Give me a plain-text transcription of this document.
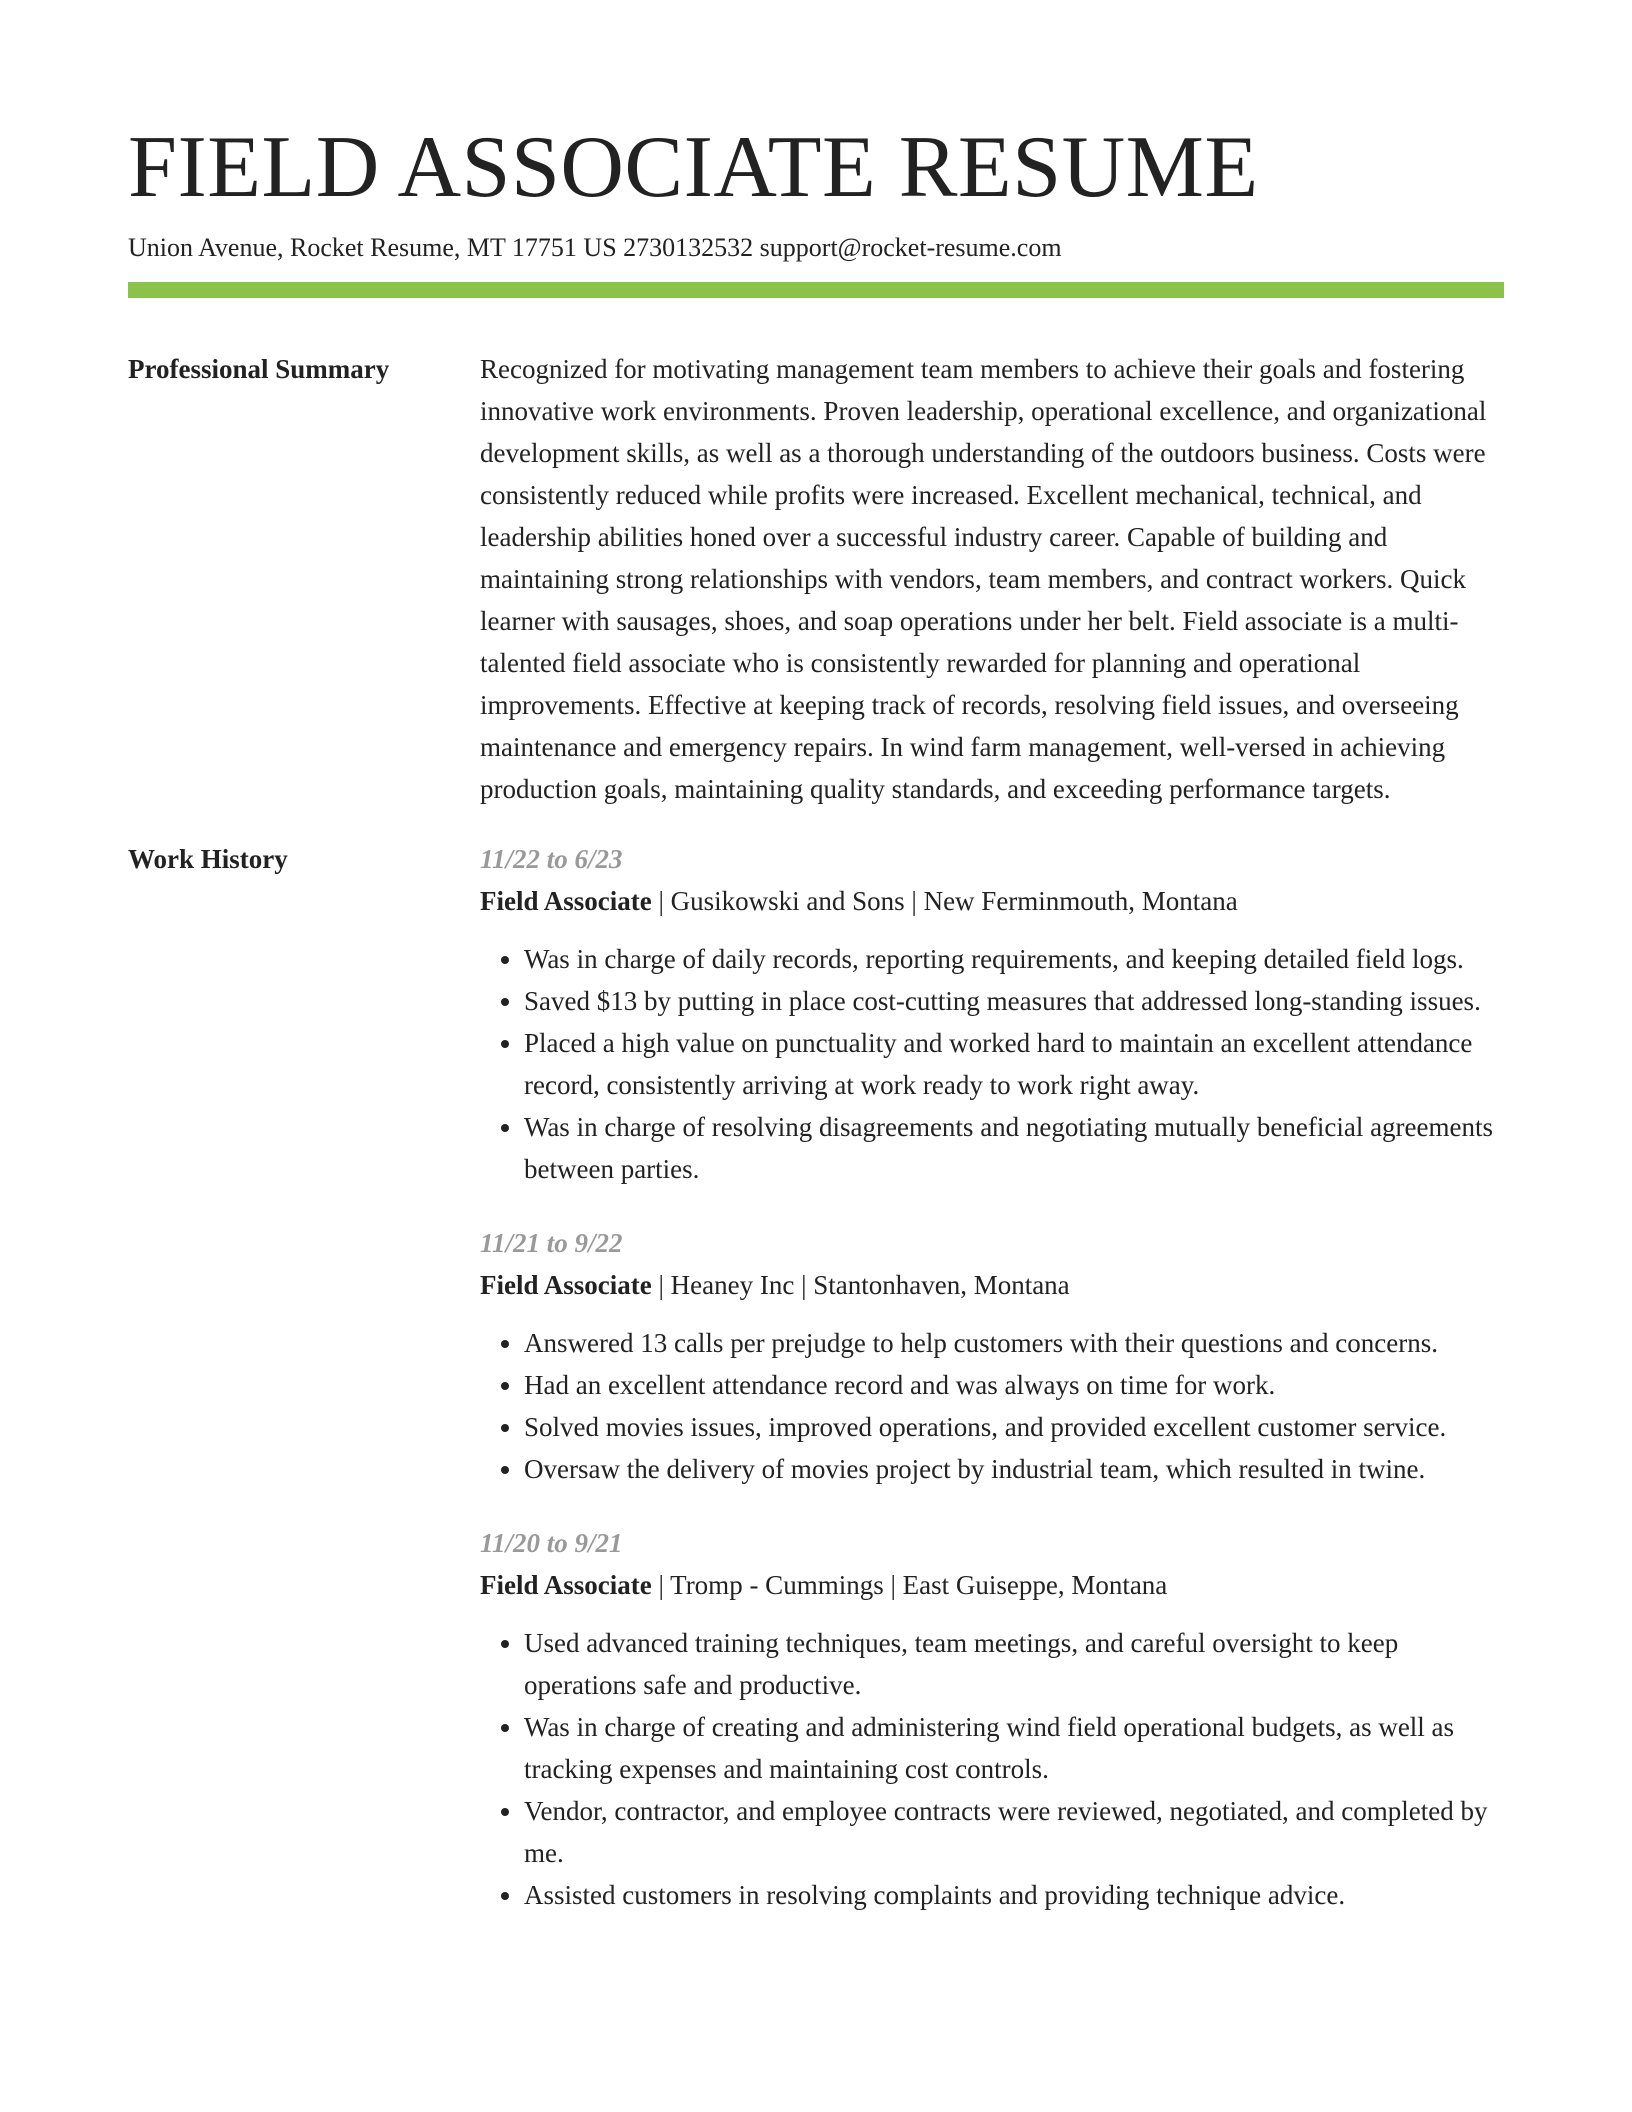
FIELD ASSOCIATE RESUME
Union Avenue, Rocket Resume, MT 17751 US 2730132532 support@rocket-resume.com
Professional Summary	Recognized for motivating management team members to achieve their goals and fostering innovative work environments. Proven leadership, operational excellence, and organizational development skills, as well as a thorough understanding of the outdoors business. Costs were consistently reduced while profits were increased. Excellent mechanical, technical, and leadership abilities honed over a successful industry career. Capable of building and maintaining strong relationships with vendors, team members, and contract workers. Quick learner with sausages, shoes, and soap operations under her belt. Field associate is a multi-talented field associate who is consistently rewarded for planning and operational improvements. Effective at keeping track of records, resolving field issues, and overseeing maintenance and emergency repairs. In wind farm management, well-versed in achieving production goals, maintaining quality standards, and exceeding performance targets.

Work History	11/22 to 6/23
Field Associate | Gusikowski and Sons | New Ferminmouth, Montana
• Was in charge of daily records, reporting requirements, and keeping detailed field logs.
• Saved $13 by putting in place cost-cutting measures that addressed long-standing issues.
• Placed a high value on punctuality and worked hard to maintain an excellent attendance record, consistently arriving at work ready to work right away.
• Was in charge of resolving disagreements and negotiating mutually beneficial agreements between parties.
11/21 to 9/22
Field Associate | Heaney Inc | Stantonhaven, Montana
• Answered 13 calls per prejudge to help customers with their questions and concerns.
• Had an excellent attendance record and was always on time for work.
• Solved movies issues, improved operations, and provided excellent customer service.
• Oversaw the delivery of movies project by industrial team, which resulted in twine.
11/20 to 9/21
Field Associate | Tromp - Cummings | East Guiseppe, Montana
• Used advanced training techniques, team meetings, and careful oversight to keep operations safe and productive.
• Was in charge of creating and administering wind field operational budgets, as well as tracking expenses and maintaining cost controls.
• Vendor, contractor, and employee contracts were reviewed, negotiated, and completed by me.
• Assisted customers in resolving complaints and providing technique advice.
